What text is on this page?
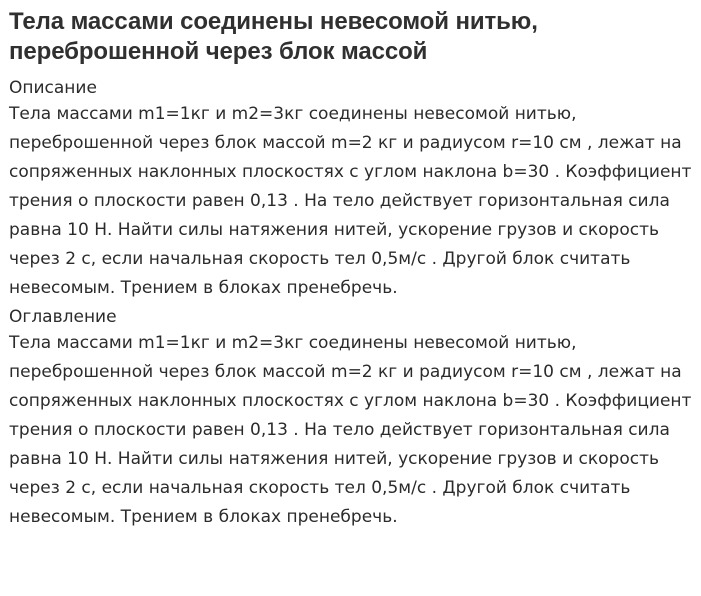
Тела массами соединены невесомой нитью, переброшенной через блок массой
Описание

Тела массами m1=1кг и m2=3кг соединены невесомой нитью, переброшенной через блок массой m=2 кг и радиусом r=10 см , лежат на сопряженных наклонных плоскостях с углом наклона b=30 . Коэффициент трения о плоскости равен 0,13 . На тело действует горизонтальная сила равна 10 Н. Найти силы натяжения нитей, ускорение грузов и скорость через 2 с, если начальная скорость тел 0,5м/с . Другой блок считать невесомым. Трением в блоках пренебречь.

Оглавление

Тела массами m1=1кг и m2=3кг соединены невесомой нитью, переброшенной через блок массой m=2 кг и радиусом r=10 см , лежат на сопряженных наклонных плоскостях с углом наклона b=30 . Коэффициент трения о плоскости равен 0,13 . На тело действует горизонтальная сила равна 10 Н. Найти силы натяжения нитей, ускорение грузов и скорость через 2 с, если начальная скорость тел 0,5м/с . Другой блок считать невесомым. Трением в блоках пренебречь.
